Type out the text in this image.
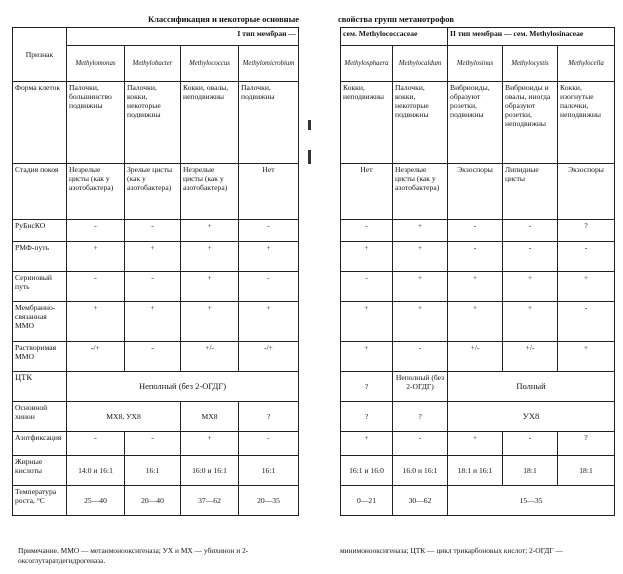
Классификация и некоторые основные
Признак	I тип мембран —			
	Methylomonas	Methylobacter	Methylococcus	Methylomicrobium
Форма клеток	Палочки, большинство подвижны	Палочки, кокки, некоторые подвижны	Кокки, овалы, неподвижны	Палочки, подвижны
Стадия покоя	Незрелые цисты (как у азотобактера)	Зрелые цисты (как у азотобактера)	Незрелые цисты (как у азотобактера)	Нет
РуБисКО	-	-	+	-
РМФ-путь	+	+	+	+
Сериновый путь	-	-	+	-
Мембранно-связанная ММО	+	+	+	+
Растворимая ММО	-/+	-	+/-	-/+
ЦТК	Неполный (без 2-ОГДГ)			
Основной хинон	МХ8, УХ8		МХ8	?
Азотфиксация	-	-	+	-
Жирные кислоты	14:0 и 16:1	16:1	16:0 и 16:1	16:1
Температура роста, °С	25—40	20—40	37—62	20—35
Примечание. ММО — метанмонооксигеназа; УХ и МХ — убихинон и 2-оксоглутаратдегидрогеназа.
свойства групп метанотрофов
сем. Methylococcaceae		II тип мембран — сем. Methylosinaceae		
Methylosphaera	Methylocaldum	Methylosinus	Methylocystis	Methylocella
Кокки, неподвижны	Палочки, кокки, некоторые подвижны	Вибриоиды, образуют розетки, подвижны	Вибриоиды и овалы, иногда образуют розетки, неподвижны	Кокки, изогнутые палочки, неподвижны
Нет	Незрелые цисты (как у азотобактера)	Экзоспоры	Липидные цисты	Экзоспоры
-	+	-	-	?
+	+	-	-	-
-	+	+	+	+
+	+	+	+	-
+	-	+/-	+/-	+
?	Неполный (без 2-ОГДГ)	Полный		
?	?	УХ8		
+	-	+	-	?
16:1 и 16:0	16:0 и 16:1	18:1 и 16:1	18:1	18:1
0—21	30—62	15—35		
минимонооксигеназа; ЦТК — цикл трикарбоновых кислот; 2-ОГДГ —
